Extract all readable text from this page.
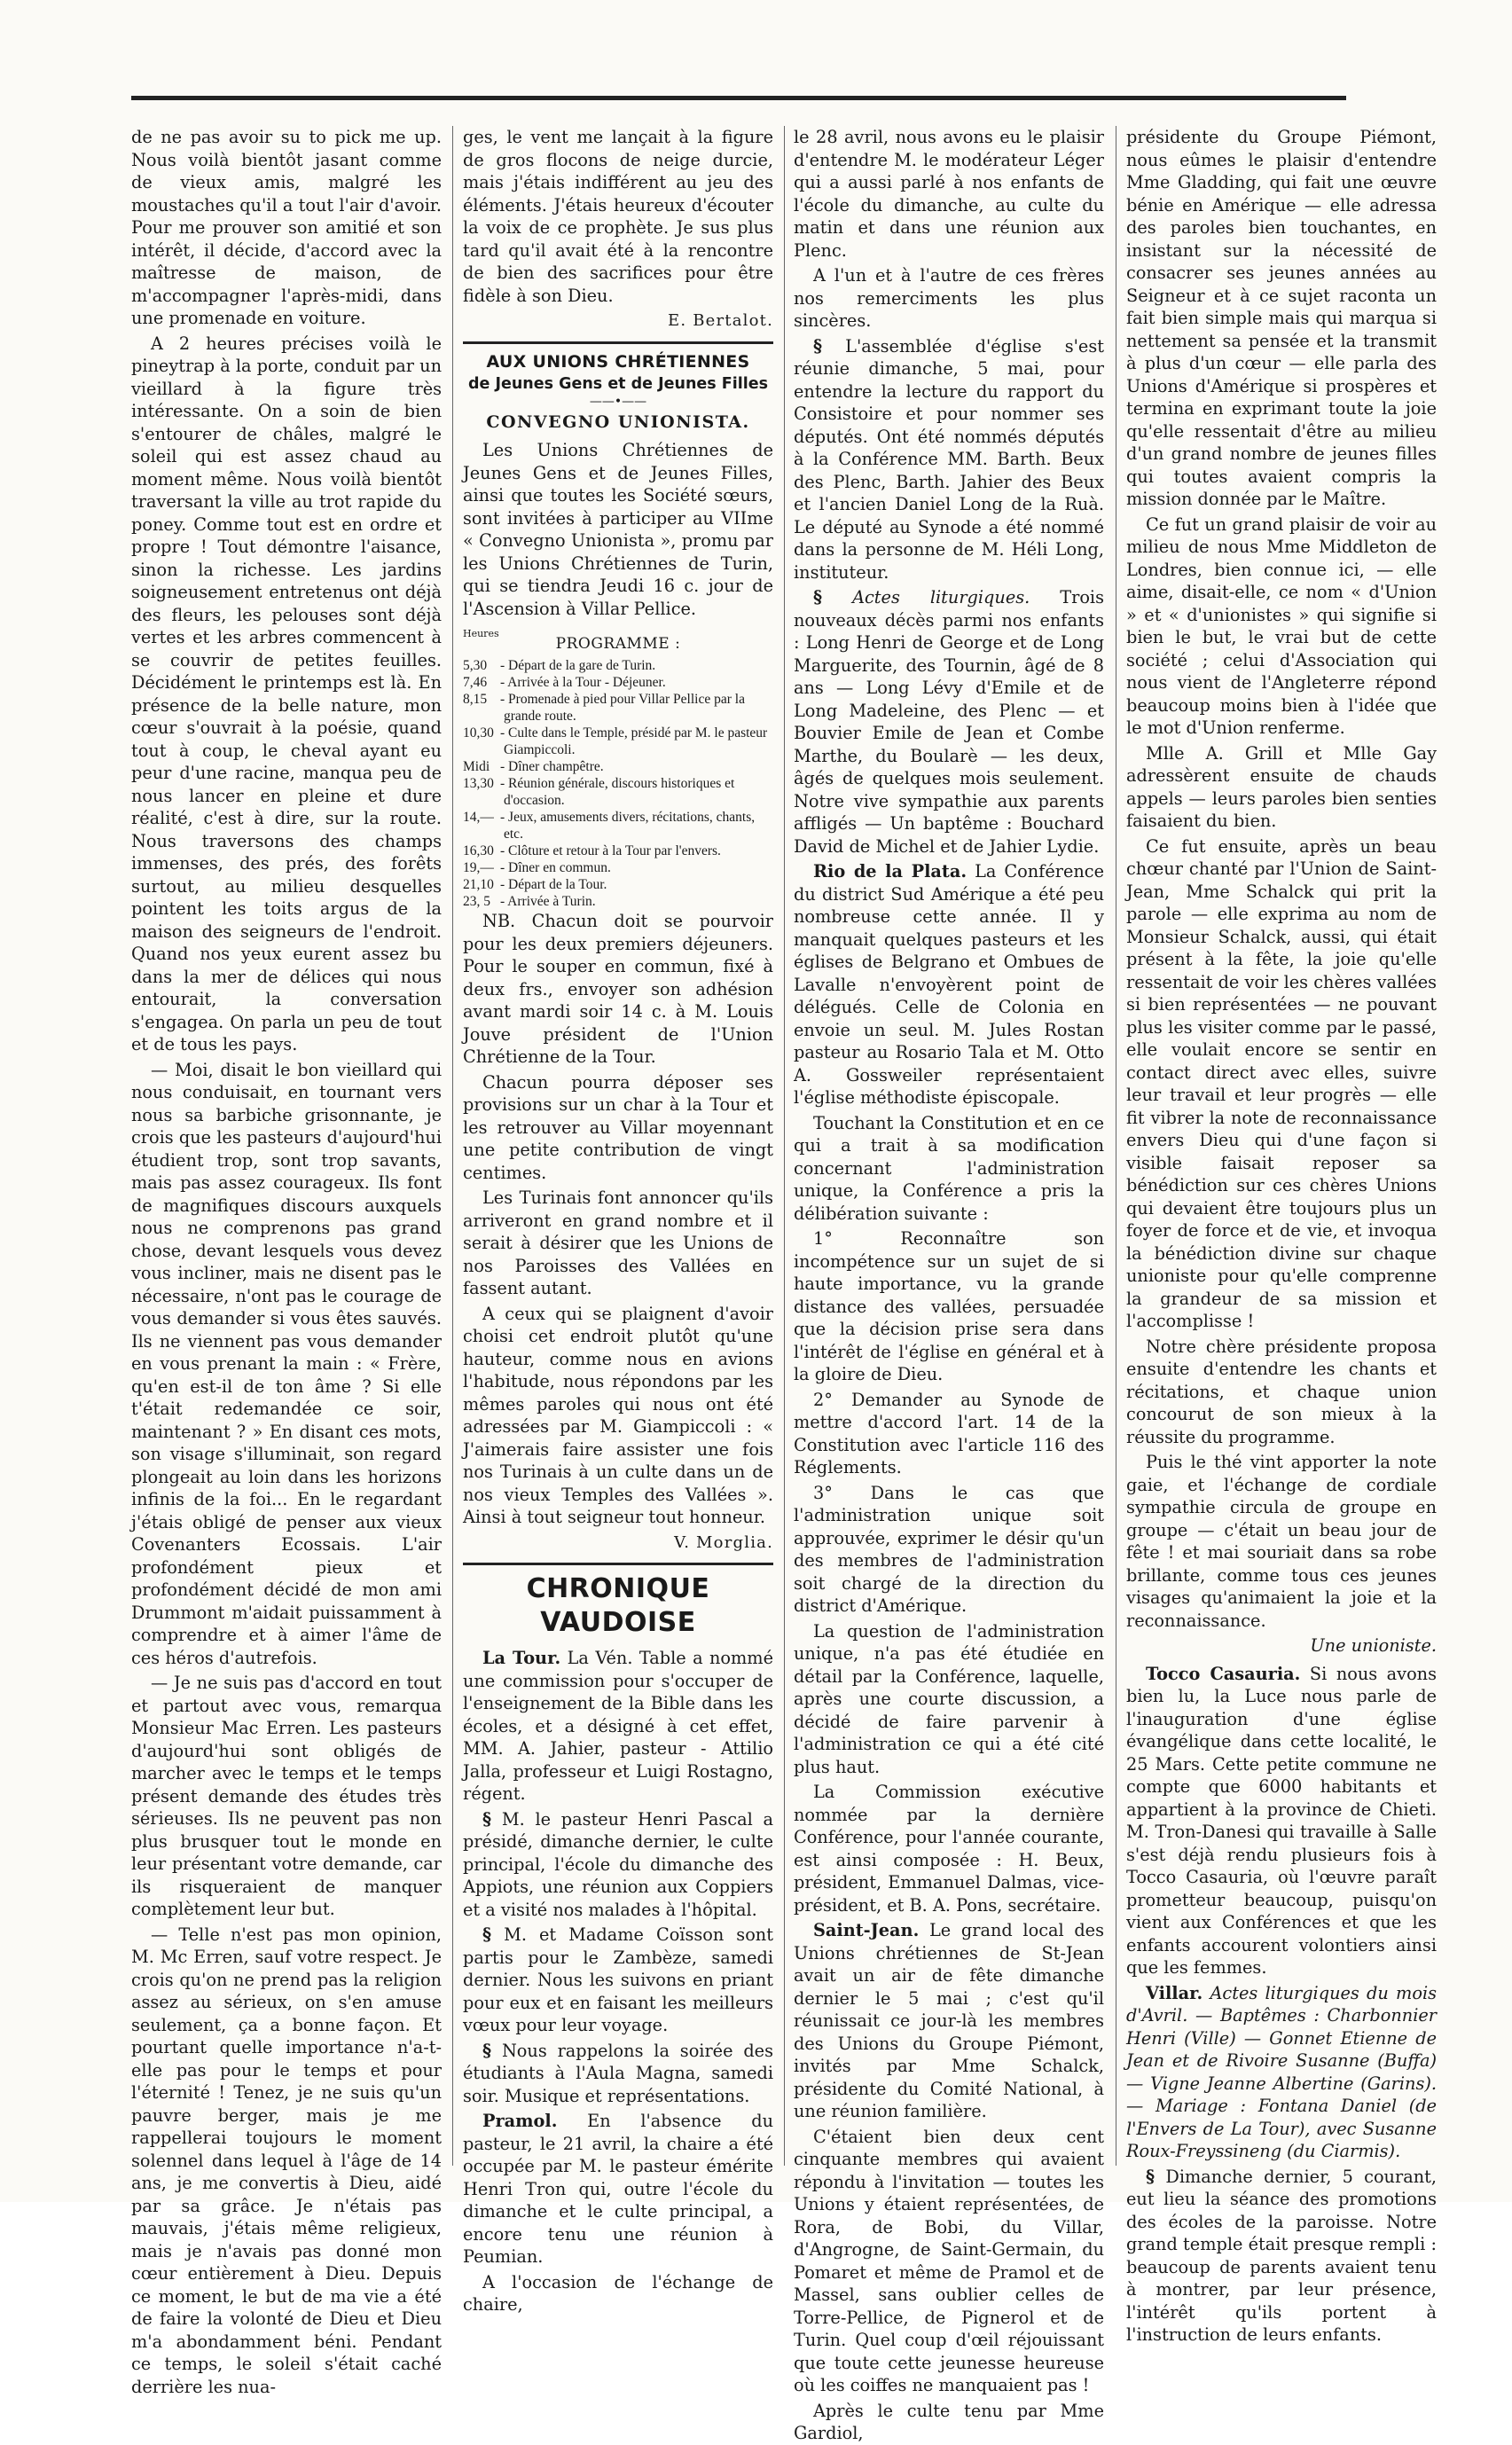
de ne pas avoir su to pick me up. Nous voilà bientôt jasant comme de vieux amis, malgré les moustaches qu'il a tout l'air d'avoir. Pour me prouver son amitié et son intérêt, il décide, d'accord avec la maîtresse de maison, de m'accompagner l'après-midi, dans une promenade en voiture.

A 2 heures précises voilà le pineytrap à la porte, conduit par un vieillard à la figure très intéressante. On a soin de bien s'entourer de châles, malgré le soleil qui est assez chaud au moment même. Nous voilà bientôt traversant la ville au trot rapide du poney. Comme tout est en ordre et propre ! Tout démontre l'aisance, sinon la richesse. Les jardins soigneusement entretenus ont déjà des fleurs, les pelouses sont déjà vertes et les arbres commencent à se couvrir de petites feuilles. Décidément le printemps est là. En présence de la belle nature, mon cœur s'ouvrait à la poésie, quand tout à coup, le cheval ayant eu peur d'une racine, manqua peu de nous lancer en pleine et dure réalité, c'est à dire, sur la route. Nous traversons des champs immenses, des prés, des forêts surtout, au milieu desquelles pointent les toits argus de la maison des seigneurs de l'endroit. Quand nos yeux eurent assez bu dans la mer de délices qui nous entourait, la conversation s'engagea. On parla un peu de tout et de tous les pays.

— Moi, disait le bon vieillard qui nous conduisait, en tournant vers nous sa barbiche grisonnante, je crois que les pasteurs d'aujourd'hui étudient trop, sont trop savants, mais pas assez courageux. Ils font de magnifiques discours auxquels nous ne comprenons pas grand chose, devant lesquels vous devez vous incliner, mais ne disent pas le nécessaire, n'ont pas le courage de vous demander si vous êtes sauvés. Ils ne viennent pas vous demander en vous prenant la main : « Frère, qu'en est-il de ton âme ? Si elle t'était redemandée ce soir, maintenant ? » En disant ces mots, son visage s'illuminait, son regard plongeait au loin dans les horizons infinis de la foi... En le regardant j'étais obligé de penser aux vieux Covenanters Ecossais. L'air profondément pieux et profondément décidé de mon ami Drummont m'aidait puissamment à comprendre et à aimer l'âme de ces héros d'autrefois.

— Je ne suis pas d'accord en tout et partout avec vous, remarqua Monsieur Mac Erren. Les pasteurs d'aujourd'hui sont obligés de marcher avec le temps et le temps présent demande des études très sérieuses. Ils ne peuvent pas non plus brusquer tout le monde en leur présentant votre demande, car ils risqueraient de manquer complètement leur but.

— Telle n'est pas mon opinion, M. Mc Erren, sauf votre respect. Je crois qu'on ne prend pas la religion assez au sérieux, on s'en amuse seulement, ça a bonne façon. Et pourtant quelle importance n'a-t-elle pas pour le temps et pour l'éternité ! Tenez, je ne suis qu'un pauvre berger, mais je me rappellerai toujours le moment solennel dans lequel à l'âge de 14 ans, je me convertis à Dieu, aidé par sa grâce. Je n'étais pas mauvais, j'étais même religieux, mais je n'avais pas donné mon cœur entièrement à Dieu. Depuis ce moment, le but de ma vie a été de faire la volonté de Dieu et Dieu m'a abondamment béni. Pendant ce temps, le soleil s'était caché derrière les nua-

ges, le vent me lançait à la figure de gros flocons de neige durcie, mais j'étais indifférent au jeu des éléments. J'étais heureux d'écouter la voix de ce prophète. Je sus plus tard qu'il avait été à la rencontre de bien des sacrifices pour être fidèle à son Dieu.

E. Bertalot.
AUX UNIONS CHRÉTIENNES
de Jeunes Gens et de Jeunes Filles
——•——
CONVEGNO UNIONISTA.

Les Unions Chrétiennes de Jeunes Gens et de Jeunes Filles, ainsi que toutes les Société sœurs, sont invitées à participer au VIIme « Convegno Unionista », promu par les Unions Chrétiennes de Turin, qui se tiendra Jeudi 16 c. jour de l'Ascension à Villar Pellice.

Heures
PROGRAMME :
5,30 - Départ de la gare de Turin.
7,46 - Arrivée à la Tour - Déjeuner.
8,15 - Promenade à pied pour Villar Pellice par la grande route.
10,30 - Culte dans le Temple, présidé par M. le pasteur Giampiccoli.
Midi - Dîner champêtre.
13,30 - Réunion générale, discours historiques et d'occasion.
14,— - Jeux, amusements divers, récitations, chants, etc.
16,30 - Clôture et retour à la Tour par l'envers.
19,— - Dîner en commun.
21,10 - Départ de la Tour.
23, 5 - Arrivée à Turin.

NB. Chacun doit se pourvoir pour les deux premiers déjeuners. Pour le souper en commun, fixé à deux frs., envoyer son adhésion avant mardi soir 14 c. à M. Louis Jouve président de l'Union Chrétienne de la Tour.

Chacun pourra déposer ses provisions sur un char à la Tour et les retrouver au Villar moyennant une petite contribution de vingt centimes.

Les Turinais font annoncer qu'ils arriveront en grand nombre et il serait à désirer que les Unions de nos Paroisses des Vallées en fassent autant.

A ceux qui se plaignent d'avoir choisi cet endroit plutôt qu'une hauteur, comme nous en avions l'habitude, nous répondons par les mêmes paroles qui nous ont été adressées par M. Giampiccoli : « J'aimerais faire assister une fois nos Turinais à un culte dans un de nos vieux Temples des Vallées ». Ainsi à tout seigneur tout honneur.

V. Morglia.
CHRONIQUE VAUDOISE

La Tour. La Vén. Table a nommé une commission pour s'occuper de l'enseignement de la Bible dans les écoles, et a désigné à cet effet, MM. A. Jahier, pasteur - Attilio Jalla, professeur et Luigi Rostagno, régent.

§ M. le pasteur Henri Pascal a présidé, dimanche dernier, le culte principal, l'école du dimanche des Appiots, une réunion aux Coppiers et a visité nos malades à l'hôpital.

§ M. et Madame Coïsson sont partis pour le Zambèze, samedi dernier. Nous les suivons en priant pour eux et en faisant les meilleurs vœux pour leur voyage.

§ Nous rappelons la soirée des étudiants à l'Aula Magna, samedi soir. Musique et représentations.

Pramol. En l'absence du pasteur, le 21 avril, la chaire a été occupée par M. le pasteur émérite Henri Tron qui, outre l'école du dimanche et le culte principal, a encore tenu une réunion à Peumian.

A l'occasion de l'échange de chaire,

le 28 avril, nous avons eu le plaisir d'entendre M. le modérateur Léger qui a aussi parlé à nos enfants de l'école du dimanche, au culte du matin et dans une réunion aux Plenc.

A l'un et à l'autre de ces frères nos remerciments les plus sincères.

§ L'assemblée d'église s'est réunie dimanche, 5 mai, pour entendre la lecture du rapport du Consistoire et pour nommer ses députés. Ont été nommés députés à la Conférence MM. Barth. Beux des Plenc, Barth. Jahier des Beux et l'ancien Daniel Long de la Ruà. Le député au Synode a été nommé dans la personne de M. Héli Long, instituteur.

§ Actes liturgiques. Trois nouveaux décès parmi nos enfants : Long Henri de George et de Long Marguerite, des Tournin, âgé de 8 ans — Long Lévy d'Emile et de Long Madeleine, des Plenc — et Bouvier Emile de Jean et Combe Marthe, du Boularè — les deux, âgés de quelques mois seulement. Notre vive sympathie aux parents affligés — Un baptême : Bouchard David de Michel et de Jahier Lydie.

Rio de la Plata. La Conférence du district Sud Amérique a été peu nombreuse cette année. Il y manquait quelques pasteurs et les églises de Belgrano et Ombues de Lavalle n'envoyèrent point de délégués. Celle de Colonia en envoie un seul. M. Jules Rostan pasteur au Rosario Tala et M. Otto A. Gossweiler représentaient l'église méthodiste épiscopale.

Touchant la Constitution et en ce qui a trait à sa modification concernant l'administration unique, la Conférence a pris la délibération suivante :

1° Reconnaître son incompétence sur un sujet de si haute importance, vu la grande distance des vallées, persuadée que la décision prise sera dans l'intérêt de l'église en général et à la gloire de Dieu.

2° Demander au Synode de mettre d'accord l'art. 14 de la Constitution avec l'article 116 des Réglements.

3° Dans le cas que l'administration unique soit approuvée, exprimer le désir qu'un des membres de l'administration soit chargé de la direction du district d'Amérique.

La question de l'administration unique, n'a pas été étudiée en détail par la Conférence, laquelle, après une courte discussion, a décidé de faire parvenir à l'administration ce qui a été cité plus haut.

La Commission exécutive nommée par la dernière Conférence, pour l'année courante, est ainsi composée : H. Beux, président, Emmanuel Dalmas, vice-président, et B. A. Pons, secrétaire.

Saint-Jean. Le grand local des Unions chrétiennes de St-Jean avait un air de fête dimanche dernier le 5 mai ; c'est qu'il réunissait ce jour-là les membres des Unions du Groupe Piémont, invités par Mme Schalck, présidente du Comité National, à une réunion familière.

C'étaient bien deux cent cinquante membres qui avaient répondu à l'invitation — toutes les Unions y étaient représentées, de Rora, de Bobi, du Villar, d'Angrogne, de Saint-Germain, du Pomaret et même de Pramol et de Massel, sans oublier celles de Torre-Pellice, de Pignerol et de Turin. Quel coup d'œil réjouissant que toute cette jeunesse heureuse où les coiffes ne manquaient pas !

Après le culte tenu par Mme Gardiol,

présidente du Groupe Piémont, nous eûmes le plaisir d'entendre Mme Gladding, qui fait une œuvre bénie en Amérique — elle adressa des paroles bien touchantes, en insistant sur la nécessité de consacrer ses jeunes années au Seigneur et à ce sujet raconta un fait bien simple mais qui marqua si nettement sa pensée et la transmit à plus d'un cœur — elle parla des Unions d'Amérique si prospères et termina en exprimant toute la joie qu'elle ressentait d'être au milieu d'un grand nombre de jeunes filles qui toutes avaient compris la mission donnée par le Maître.

Ce fut un grand plaisir de voir au milieu de nous Mme Middleton de Londres, bien connue ici, — elle aime, disait-elle, ce nom « d'Union » et « d'unionistes » qui signifie si bien le but, le vrai but de cette société ; celui d'Association qui nous vient de l'Angleterre répond beaucoup moins bien à l'idée que le mot d'Union renferme.

Mlle A. Grill et Mlle Gay adressèrent ensuite de chauds appels — leurs paroles bien senties faisaient du bien.

Ce fut ensuite, après un beau chœur chanté par l'Union de Saint-Jean, Mme Schalck qui prit la parole — elle exprima au nom de Monsieur Schalck, aussi, qui était présent à la fête, la joie qu'elle ressentait de voir les chères vallées si bien représentées — ne pouvant plus les visiter comme par le passé, elle voulait encore se sentir en contact direct avec elles, suivre leur travail et leur progrès — elle fit vibrer la note de reconnaissance envers Dieu qui d'une façon si visible faisait reposer sa bénédiction sur ces chères Unions qui devaient être toujours plus un foyer de force et de vie, et invoqua la bénédiction divine sur chaque unioniste pour qu'elle comprenne la grandeur de sa mission et l'accomplisse !

Notre chère présidente proposa ensuite d'entendre les chants et récitations, et chaque union concourut de son mieux à la réussite du programme.

Puis le thé vint apporter la note gaie, et l'échange de cordiale sympathie circula de groupe en groupe — c'était un beau jour de fête ! et mai souriait dans sa robe brillante, comme tous ces jeunes visages qu'animaient la joie et la reconnaissance.

Une unioniste.

Tocco Casauria. Si nous avons bien lu, la Luce nous parle de l'inauguration d'une église évangélique dans cette localité, le 25 Mars. Cette petite commune ne compte que 6000 habitants et appartient à la province de Chieti. M. Tron-Danesi qui travaille à Salle s'est déjà rendu plusieurs fois à Tocco Casauria, où l'œuvre paraît prometteur beaucoup, puisqu'on vient aux Conférences et que les enfants accourent volontiers ainsi que les femmes.

Villar. Actes liturgiques du mois d'Avril. — Baptêmes : Charbonnier Henri (Ville) — Gonnet Etienne de Jean et de Rivoire Susanne (Buffa) — Vigne Jeanne Albertine (Garins). — Mariage : Fontana Daniel (de l'Envers de La Tour), avec Susanne Roux-Freyssineng (du Ciarmis).

§ Dimanche dernier, 5 courant, eut lieu la séance des promotions des écoles de la paroisse. Notre grand temple était presque rempli : beaucoup de parents avaient tenu à montrer, par leur présence, l'intérêt qu'ils portent à l'instruction de leurs enfants.
